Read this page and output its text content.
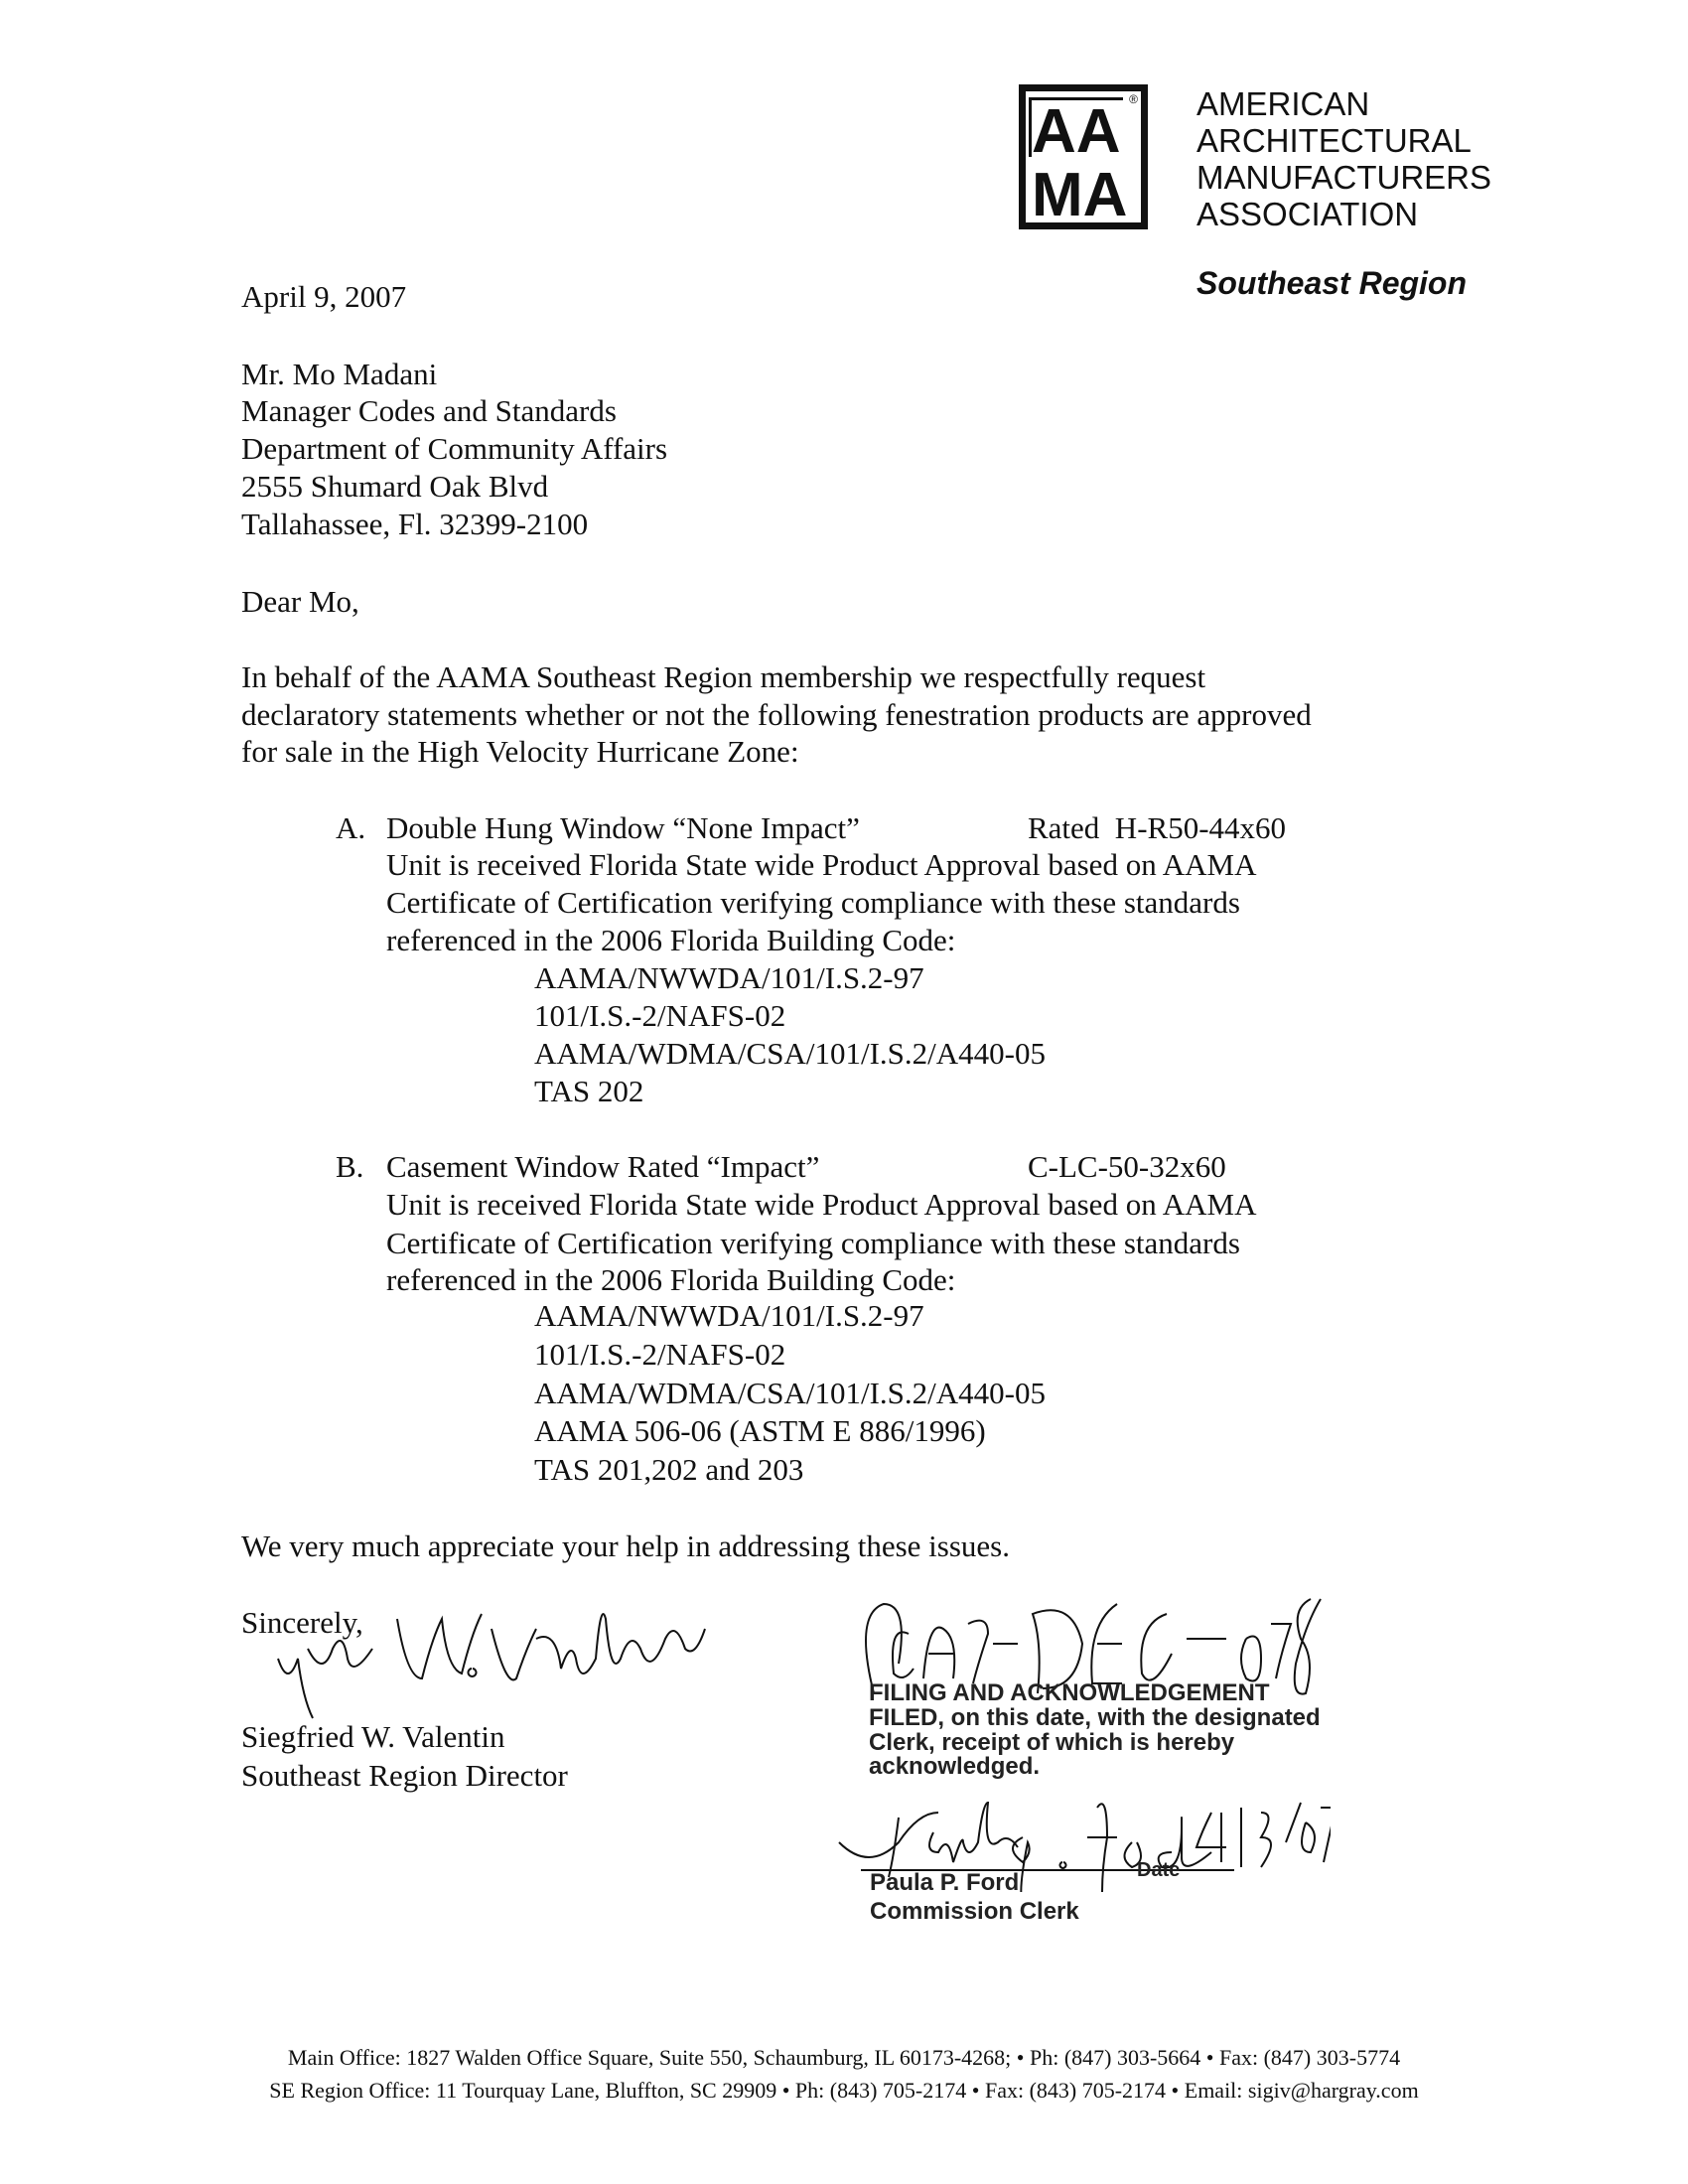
AA
MA
® AMERICAN
ARCHITECTURAL
MANUFACTURERS
ASSOCIATION
Southeast Region
April 9, 2007
Mr. Mo Madani
Manager Codes and Standards
Department of Community Affairs
2555 Shumard Oak Blvd
Tallahassee, Fl. 32399-2100
Dear Mo,
In behalf of the AAMA Southeast Region membership we respectfully request
declaratory statements whether or not the following fenestration products are approved
for sale in the High Velocity Hurricane Zone:
A. Double Hung Window “None Impact”	Rated  H-R50-44x60
Unit is received Florida State wide Product Approval based on AAMA
Certificate of Certification verifying compliance with these standards
referenced in the 2006 Florida Building Code:
AAMA/NWWDA/101/I.S.2-97
101/I.S.-2/NAFS-02
AAMA/WDMA/CSA/101/I.S.2/A440-05
TAS 202
B. Casement Window Rated “Impact”	C-LC-50-32x60
Unit is received Florida State wide Product Approval based on AAMA
Certificate of Certification verifying compliance with these standards
referenced in the 2006 Florida Building Code:
AAMA/NWWDA/101/I.S.2-97
101/I.S.-2/NAFS-02
AAMA/WDMA/CSA/101/I.S.2/A440-05
AAMA 506-06 (ASTM E 886/1996)
TAS 201,202 and 203
We very much appreciate your help in addressing these issues.
Sincerely,
Siegfried W. Valentin
Southeast Region Director
FILING AND ACKNOWLEDGEMENT
FILED, on this date, with the designated
Clerk, receipt of which is hereby
acknowledged.
Date
Paula P. Ford
Commission Clerk
Main Office: 1827 Walden Office Square, Suite 550, Schaumburg, IL 60173-4268; • Ph: (847) 303-5664 • Fax: (847) 303-5774
SE Region Office: 11 Tourquay Lane, Bluffton, SC 29909 • Ph: (843) 705-2174 • Fax: (843) 705-2174 • Email: sigiv@hargray.com
